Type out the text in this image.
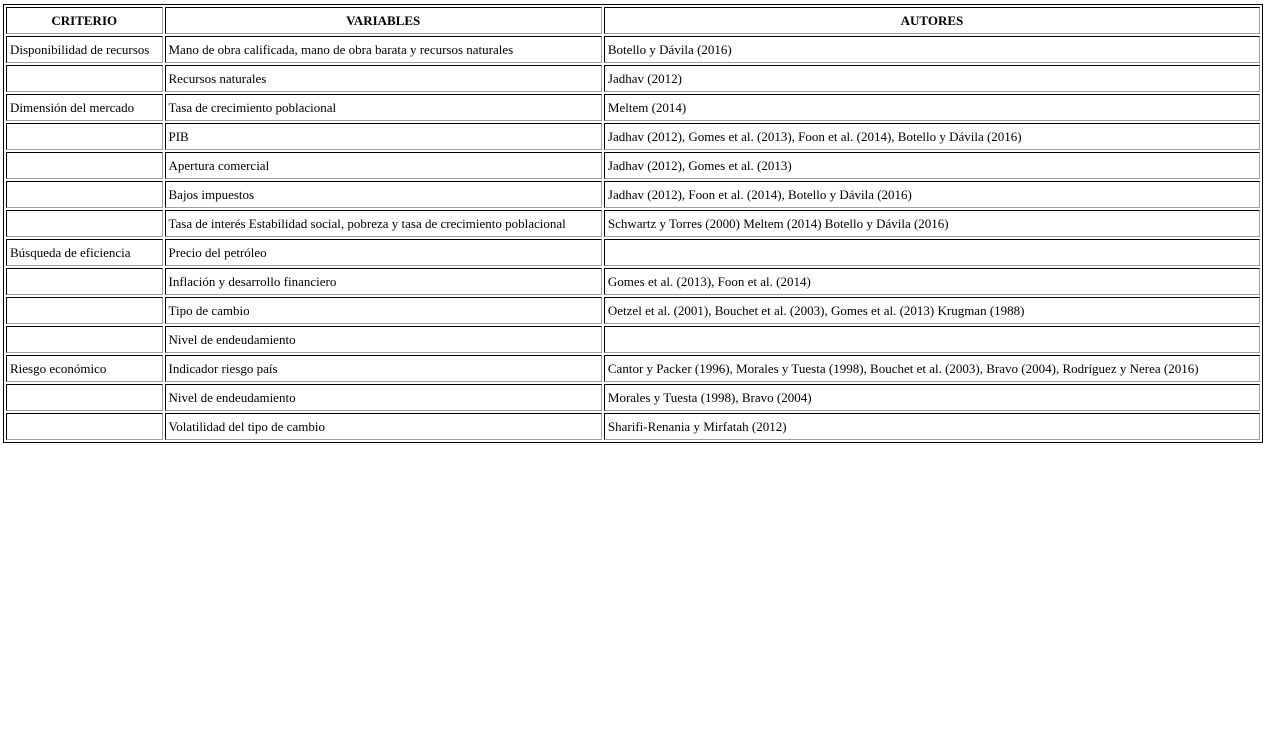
CRITERIO	VARIABLES	AUTORES
Disponibilidad de recursos	Mano de obra calificada, mano de obra barata y recursos naturales	Botello y Dávila (2016)
	Recursos naturales	Jadhav (2012)
Dimensión del mercado	Tasa de crecimiento poblacional	Meltem (2014)
	PIB	Jadhav (2012), Gomes et al. (2013), Foon et al. (2014), Botello y Dávila (2016)
	Apertura comercial	Jadhav (2012), Gomes et al. (2013)
	Bajos impuestos	Jadhav (2012), Foon et al. (2014), Botello y Dávila (2016)
	Tasa de interés Estabilidad social, pobreza y tasa de crecimiento poblacional	Schwartz y Torres (2000) Meltem (2014) Botello y Dávila (2016)
Búsqueda de eficiencia	Precio del petróleo	
	Inflación y desarrollo financiero	Gomes et al. (2013), Foon et al. (2014)
	Tipo de cambio	Oetzel et al. (2001), Bouchet et al. (2003), Gomes et al. (2013) Krugman (1988)
	Nivel de endeudamiento	
Riesgo económico	Indicador riesgo país	Cantor y Packer (1996), Morales y Tuesta (1998), Bouchet et al. (2003), Bravo (2004), Rodríguez y Nerea (2016)
	Nivel de endeudamiento	Morales y Tuesta (1998), Bravo (2004)
	Volatilidad del tipo de cambio	Sharifi-Renania y Mirfatah (2012)
